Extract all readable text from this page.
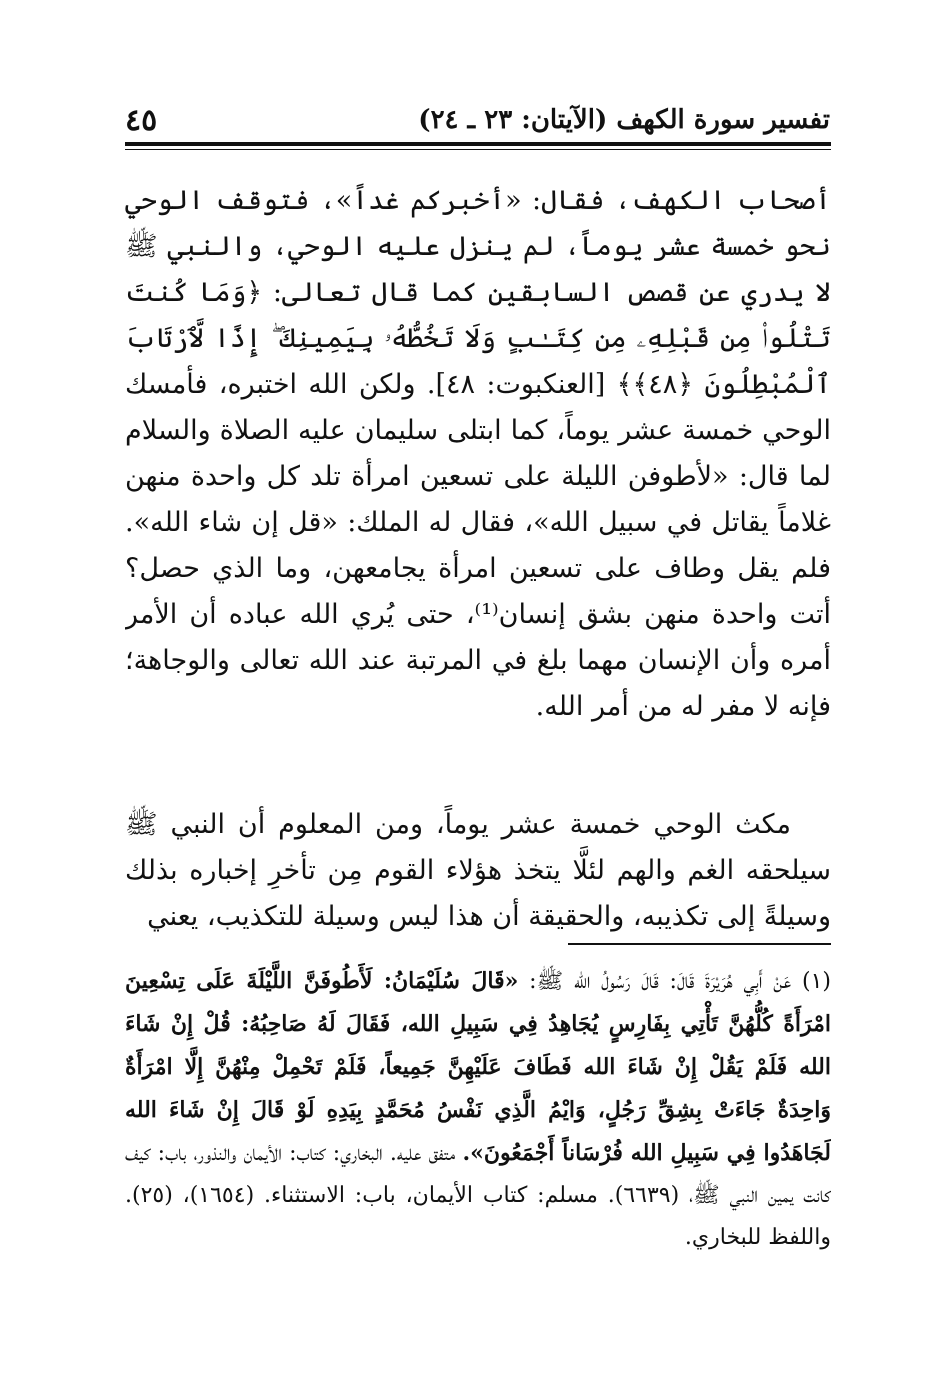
تفسير سورة الكهف (الآيتان: ٢٣ ـ ٢٤)
٤٥

أصحاب الكهف، فقال: «أخبركم غداً»، فتوقف الوحي نحو خمسة عشر يوماً، لم ينزل عليه الوحي، والنبي ﷺ لا يدري عن قصص السابقين كما قال تعالى: ﴿وَمَا كُنتَ تَتْلُوا۟ مِن قَبْلِهِۦ مِن كِتَـٰبٍ وَلَا تَخُطُّهُۥ بِيَمِينِكَ ۖ إِذًا لَّٱرْتَابَ ٱلْمُبْطِلُونَ ﴿٤٨﴾﴾ [العنكبوت: ٤٨]. ولكن الله اختبره، فأمسك الوحي خمسة عشر يوماً، كما ابتلى سليمان عليه الصلاة والسلام لما قال: «لأطوفن الليلة على تسعين امرأة تلد كل واحدة منهن غلاماً يقاتل في سبيل الله»، فقال له الملك: «قل إن شاء الله». فلم يقل وطاف على تسعين امرأة يجامعهن، وما الذي حصل؟ أتت واحدة منهن بشق إنسان⁽¹⁾، حتى يُري الله عباده أن الأمر أمره وأن الإنسان مهما بلغ في المرتبة عند الله تعالى والوجاهة؛ فإنه لا مفر له من أمر الله.

مكث الوحي خمسة عشر يوماً، ومن المعلوم أن النبي ﷺ سيلحقه الغم والهم لئلَّا يتخذ هؤلاء القوم مِن تأخرِ إخباره بذلك وسيلةً إلى تكذيبه، والحقيقة أن هذا ليس وسيلة للتكذيب، يعني

(١) عَنْ أَبِي هُرَيْرَةَ قَالَ: قَالَ رَسُولُ الله ﷺ: «قَالَ سُلَيْمَانُ: لَأَطُوفَنَّ اللَّيْلَةَ عَلَى تِسْعِينَ امْرَأَةً كُلُّهُنَّ تَأْتِي بِفَارِسٍ يُجَاهِدُ فِي سَبِيلِ الله، فَقَالَ لَهُ صَاحِبُهُ: قُلْ إِنْ شَاءَ الله فَلَمْ يَقُلْ إِنْ شَاءَ الله فَطَافَ عَلَيْهِنَّ جَمِيعاً، فَلَمْ تَحْمِلْ مِنْهُنَّ إِلَّا امْرَأَةٌ وَاحِدَةٌ جَاءَتْ بِشِقِّ رَجُلٍ، وَايْمُ الَّذِي نَفْسُ مُحَمَّدٍ بِيَدِهِ لَوْ قَالَ إِنْ شَاءَ الله لَجَاهَدُوا فِي سَبِيلِ الله فُرْسَاناً أَجْمَعُونَ». متفق عليه. البخاري: كتاب: الأيمان والنذور، باب: كيف كانت يمين النبي ﷺ، (٦٦٣٩). مسلم: كتاب الأيمان، باب: الاستثناء. (١٦٥٤)، (٢٥). واللفظ للبخاري.
